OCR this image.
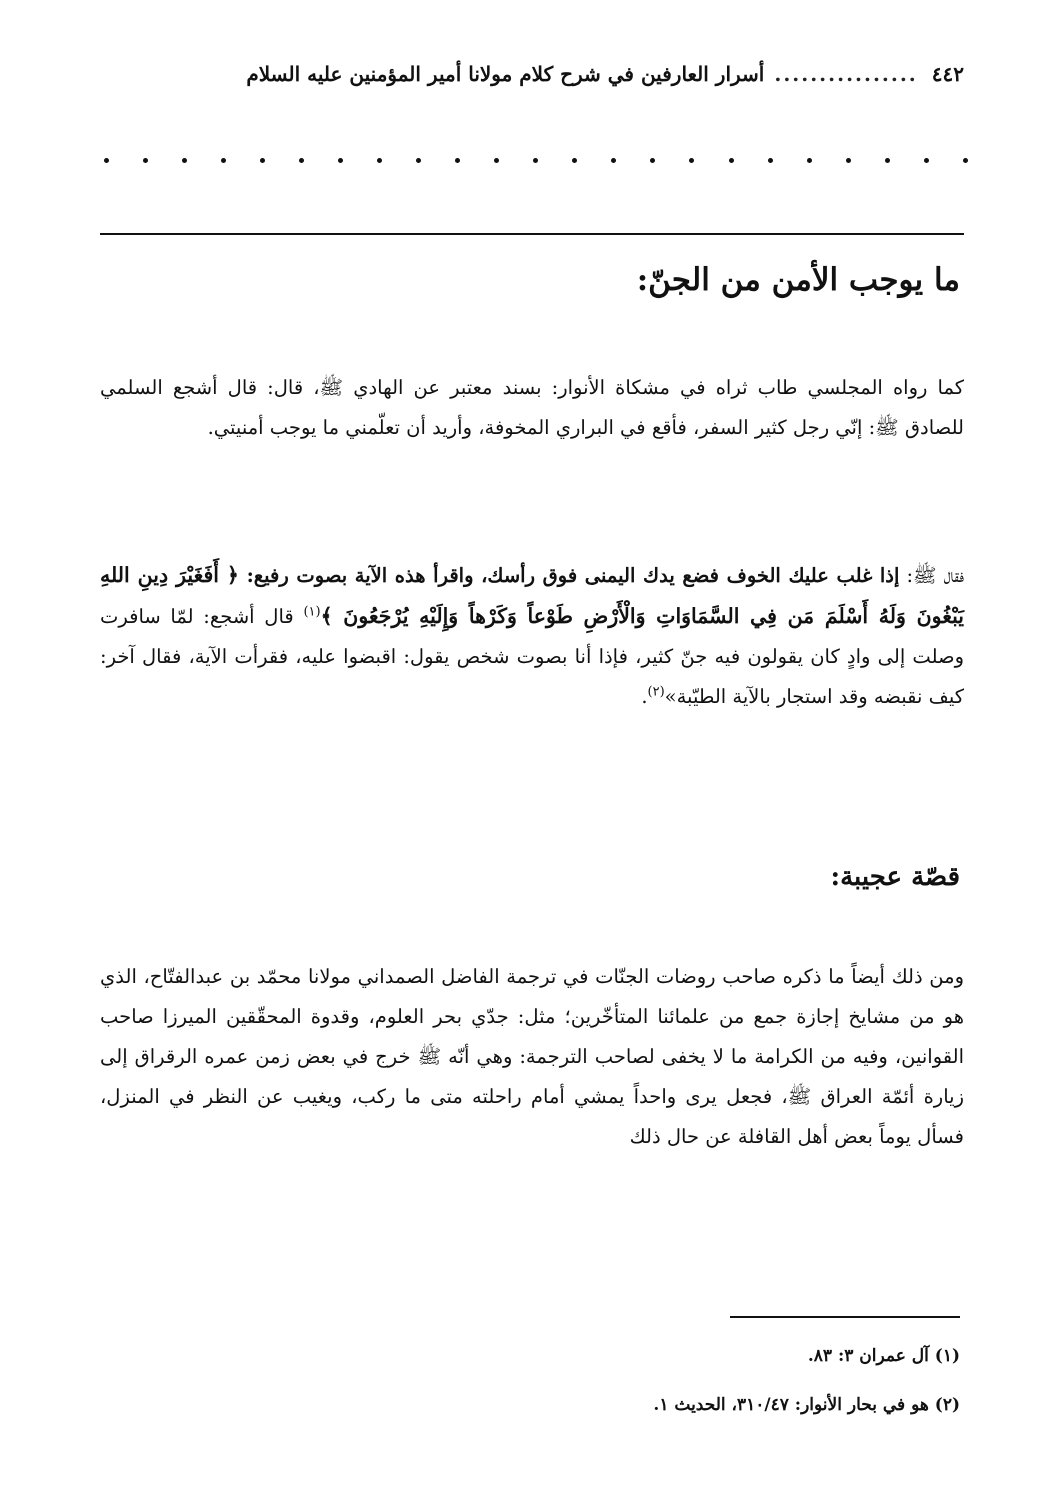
٤٤٢
................
أسرار العارفين في شرح كلام مولانا أمير المؤمنين عليه السلام
ما يوجب الأمن من الجنّ:

كما رواه المجلسي طاب ثراه في مشكاة الأنوار: بسند معتبر عن الهادي ﷺ، قال: قال أشجع السلمي للصادق ﷺ: إنّي رجل كثير السفر، فأقع في البراري المخوفة، وأريد أن تعلّمني ما يوجب أمنيتي.

فقال ﷺ: إذا غلب عليك الخوف فضع يدك اليمنى فوق رأسك، واقرأ هذه الآية بصوت رفيع: ﴿ أَفَغَيْرَ دِينِ اللهِ يَبْغُونَ وَلَهُ أَسْلَمَ مَن فِي السَّمَاوَاتِ وَالْأَرْضِ طَوْعاً وَكَرْهاً وَإِلَيْهِ يُرْجَعُونَ ﴾$^{(١)}$ قال أشجع: لمّا سافرت وصلت إلى وادٍ كان يقولون فيه جنّ كثير، فإذا أنا بصوت شخص يقول: اقبضوا عليه، فقرأت الآية، فقال آخر: كيف نقبضه وقد استجار بالآية الطيّبة»$^{(٢)}$.

قصّة عجيبة:

ومن ذلك أيضاً ما ذكره صاحب روضات الجنّات في ترجمة الفاضل الصمداني مولانا محمّد بن عبدالفتّاح، الذي هو من مشايخ إجازة جمع من علمائنا المتأخّرين؛ مثل: جدّي بحر العلوم، وقدوة المحقّقين الميرزا صاحب القوانين، وفيه من الكرامة ما لا يخفى لصاحب الترجمة: وهي أنّه ﷺ خرج في بعض زمن عمره الرقراق إلى زيارة أئمّة العراق ﷺ، فجعل يرى واحداً يمشي أمام راحلته متى ما ركب، ويغيب عن النظر في المنزل، فسأل يوماً بعض أهل القافلة عن حال ذلك

(١) آل عمران ٣: ٨٣.
(٢) هو في بحار الأنوار: ٣١٠/٤٧، الحديث ١.
